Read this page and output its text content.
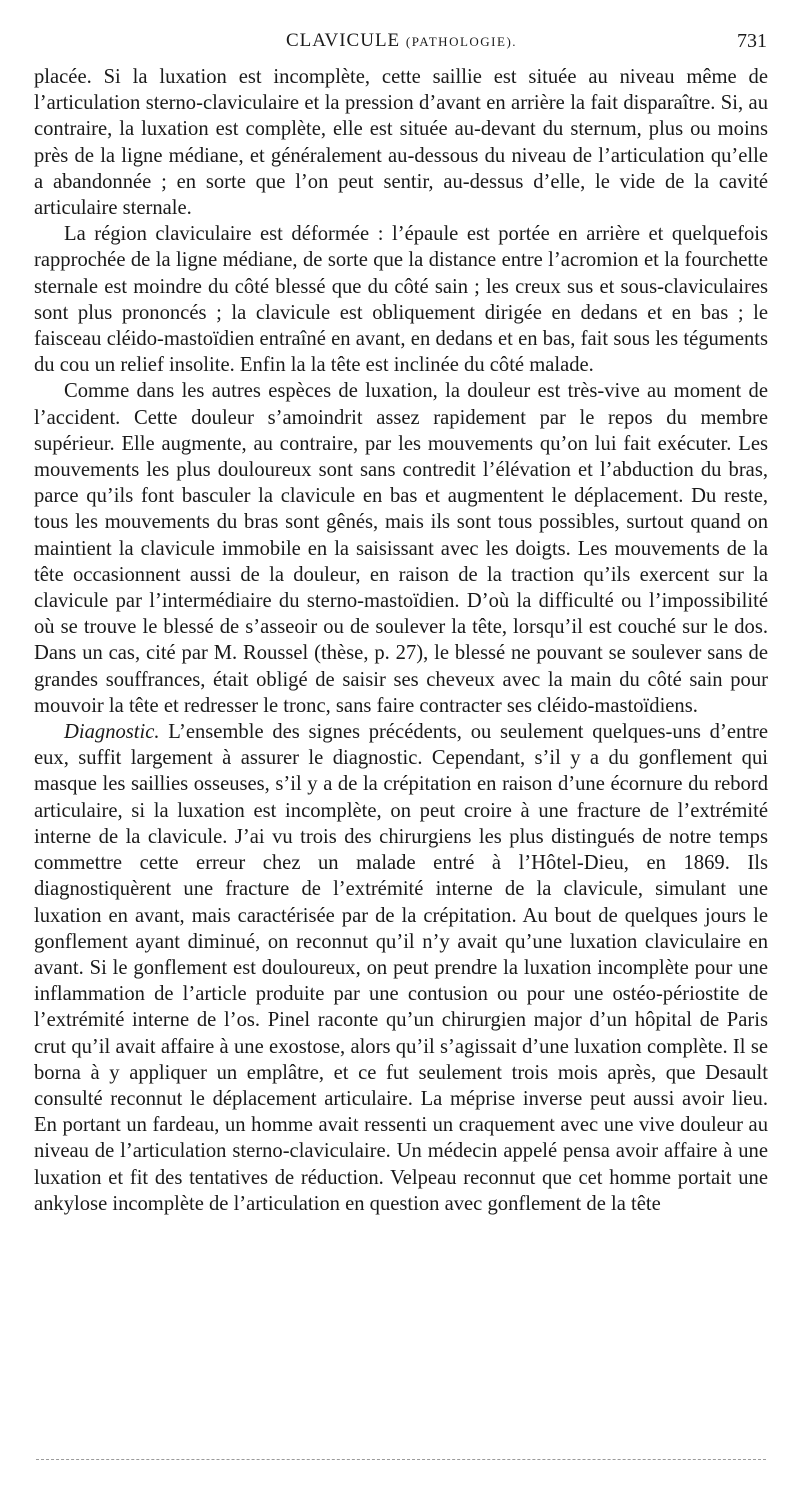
CLAVICULE (PATHOLOGIE).	731

placée. Si la luxation est incomplète, cette saillie est située au niveau même de l’articulation sterno-claviculaire et la pression d’avant en arrière la fait disparaître. Si, au contraire, la luxation est complète, elle est située au-devant du sternum, plus ou moins près de la ligne médiane, et généralement au-dessous du niveau de l’articulation qu’elle a abandonnée ; en sorte que l’on peut sentir, au-dessus d’elle, le vide de la cavité articulaire sternale.

La région claviculaire est déformée : l’épaule est portée en arrière et quelquefois rapprochée de la ligne médiane, de sorte que la distance entre l’acromion et la fourchette sternale est moindre du côté blessé que du côté sain ; les creux sus et sous-claviculaires sont plus prononcés ; la clavicule est obliquement dirigée en dedans et en bas ; le faisceau cléido-mastoïdien entraîné en avant, en dedans et en bas, fait sous les téguments du cou un relief insolite. Enfin la la tête est inclinée du côté malade.

Comme dans les autres espèces de luxation, la douleur est très-vive au moment de l’accident. Cette douleur s’amoindrit assez rapidement par le repos du membre supérieur. Elle augmente, au contraire, par les mouvements qu’on lui fait exécuter. Les mouvements les plus douloureux sont sans contredit l’élévation et l’abduction du bras, parce qu’ils font basculer la clavicule en bas et augmentent le déplacement. Du reste, tous les mouvements du bras sont gênés, mais ils sont tous possibles, surtout quand on maintient la clavicule immobile en la saisissant avec les doigts. Les mouvements de la tête occasionnent aussi de la douleur, en raison de la traction qu’ils exercent sur la clavicule par l’intermédiaire du sterno-mastoïdien. D’où la difficulté ou l’impossibilité où se trouve le blessé de s’asseoir ou de soulever la tête, lorsqu’il est couché sur le dos. Dans un cas, cité par M. Roussel (thèse, p. 27), le blessé ne pouvant se soulever sans de grandes souffrances, était obligé de saisir ses cheveux avec la main du côté sain pour mouvoir la tête et redresser le tronc, sans faire contracter ses cléido-mastoïdiens.

Diagnostic. L’ensemble des signes précédents, ou seulement quelques-uns d’entre eux, suffit largement à assurer le diagnostic. Cependant, s’il y a du gonflement qui masque les saillies osseuses, s’il y a de la crépitation en raison d’une écornure du rebord articulaire, si la luxation est incomplète, on peut croire à une fracture de l’extrémité interne de la clavicule. J’ai vu trois des chirurgiens les plus distingués de notre temps commettre cette erreur chez un malade entré à l’Hôtel-Dieu, en 1869. Ils diagnostiquèrent une fracture de l’extrémité interne de la clavicule, simulant une luxation en avant, mais caractérisée par de la crépitation. Au bout de quelques jours le gonflement ayant diminué, on reconnut qu’il n’y avait qu’une luxation claviculaire en avant. Si le gonflement est douloureux, on peut prendre la luxation incomplète pour une inflammation de l’article produite par une contusion ou pour une ostéo-périostite de l’extrémité interne de l’os. Pinel raconte qu’un chirurgien major d’un hôpital de Paris crut qu’il avait affaire à une exostose, alors qu’il s’agissait d’une luxation complète. Il se borna à y appliquer un emplâtre, et ce fut seulement trois mois après, que Desault consulté reconnut le déplacement articulaire. La méprise inverse peut aussi avoir lieu. En portant un fardeau, un homme avait ressenti un craquement avec une vive douleur au niveau de l’articulation sterno-claviculaire. Un médecin appelé pensa avoir affaire à une luxation et fit des tentatives de réduction. Velpeau reconnut que cet homme portait une ankylose incomplète de l’articulation en question avec gonflement de la tête
